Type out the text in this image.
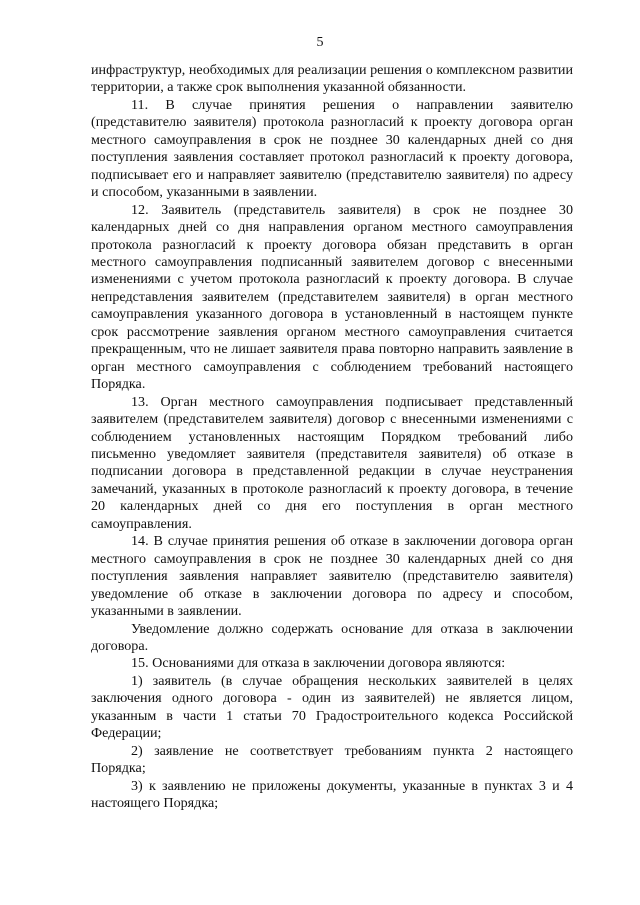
5

инфраструктур, необходимых для реализации решения о комплексном развитии территории, а также срок выполнения указанной обязанности.

11. В случае принятия решения о направлении заявителю (представителю заявителя) протокола разногласий к проекту договора орган местного самоуправления в срок не позднее 30 календарных дней со дня поступления заявления составляет протокол разногласий к проекту договора, подписывает его и направляет заявителю (представителю заявителя) по адресу и способом, указанными в заявлении.

12. Заявитель (представитель заявителя) в срок не позднее 30 календарных дней со дня направления органом местного самоуправления протокола разногласий к проекту договора обязан представить в орган местного самоуправления подписанный заявителем договор с внесенными изменениями с учетом протокола разногласий к проекту договора. В случае непредставления заявителем (представителем заявителя) в орган местного самоуправления указанного договора в установленный в настоящем пункте срок рассмотрение заявления органом местного самоуправления считается прекращенным, что не лишает заявителя права повторно направить заявление в орган местного самоуправления с соблюдением требований настоящего Порядка.

13. Орган местного самоуправления подписывает представленный заявителем (представителем заявителя) договор с внесенными изменениями с соблюдением установленных настоящим Порядком требований либо письменно уведомляет заявителя (представителя заявителя) об отказе в подписании договора в представленной редакции в случае неустранения замечаний, указанных в протоколе разногласий к проекту договора, в течение 20 календарных дней со дня его поступления в орган местного самоуправления.

14. В случае принятия решения об отказе в заключении договора орган местного самоуправления в срок не позднее 30 календарных дней со дня поступления заявления направляет заявителю (представителю заявителя) уведомление об отказе в заключении договора по адресу и способом, указанными в заявлении.

Уведомление должно содержать основание для отказа в заключении договора.

15. Основаниями для отказа в заключении договора являются:

1) заявитель (в случае обращения нескольких заявителей в целях заключения одного договора - один из заявителей) не является лицом, указанным в части 1 статьи 70 Градостроительного кодекса Российской Федерации;

2) заявление не соответствует требованиям пункта 2 настоящего Порядка;

3) к заявлению не приложены документы, указанные в пунктах 3 и 4 настоящего Порядка;
